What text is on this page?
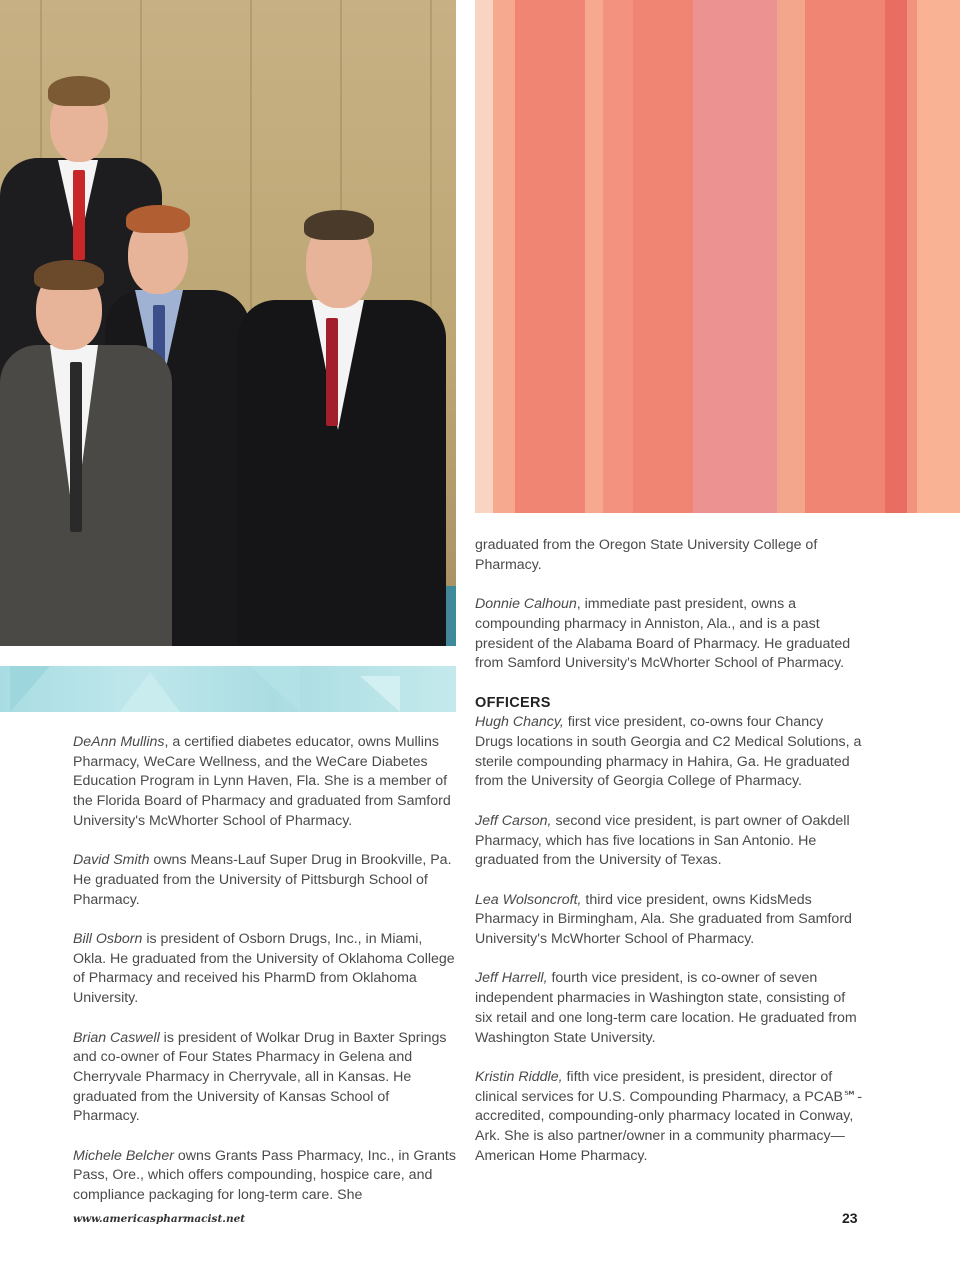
DeAnn Mullins, a certified diabetes educator, owns Mullins Pharmacy, WeCare Wellness, and the WeCare Diabetes Education Program in Lynn Haven, Fla. She is a member of the Florida Board of Pharmacy and graduated from Samford University's McWhorter School of Pharmacy.

David Smith owns Means-Lauf Super Drug in Brookville, Pa. He graduated from the University of Pittsburgh School of Pharmacy.

Bill Osborn is president of Osborn Drugs, Inc., in Miami, Okla. He graduated from the University of Oklahoma College of Pharmacy and received his PharmD from Oklahoma University.

Brian Caswell is president of Wolkar Drug in Baxter Springs and co-owner of Four States Pharmacy in Gelena and Cherryvale Pharmacy in Cherryvale, all in Kansas. He graduated from the University of Kansas School of Pharmacy.

Michele Belcher owns Grants Pass Pharmacy, Inc., in Grants Pass, Ore., which offers compounding, hospice care, and compliance packaging for long-term care. She

graduated from the Oregon State University College of Pharmacy.

Donnie Calhoun, immediate past president, owns a compounding pharmacy in Anniston, Ala., and is a past president of the Alabama Board of Pharmacy. He graduated from Samford University's McWhorter School of Pharmacy.

OFFICERS

Hugh Chancy, first vice president, co-owns four Chancy Drugs locations in south Georgia and C2 Medical Solutions, a sterile compounding pharmacy in Hahira, Ga. He graduated from the University of Georgia College of Pharmacy.

Jeff Carson, second vice president, is part owner of Oakdell Pharmacy, which has five locations in San Antonio. He graduated from the University of Texas.

Lea Wolsoncroft, third vice president, owns KidsMeds Pharmacy in Birmingham, Ala. She graduated from Samford University's McWhorter School of Pharmacy.

Jeff Harrell, fourth vice president, is co-owner of seven independent pharmacies in Washington state, consisting of six retail and one long-term care location. He graduated from Washington State University.

Kristin Riddle, fifth vice president, is president, director of clinical services for U.S. Compounding Pharmacy, a PCAB℠-accredited, compounding-only pharmacy located in Conway, Ark. She is also partner/owner in a community pharmacy—American Home Pharmacy.

www.americaspharmacist.net	23
